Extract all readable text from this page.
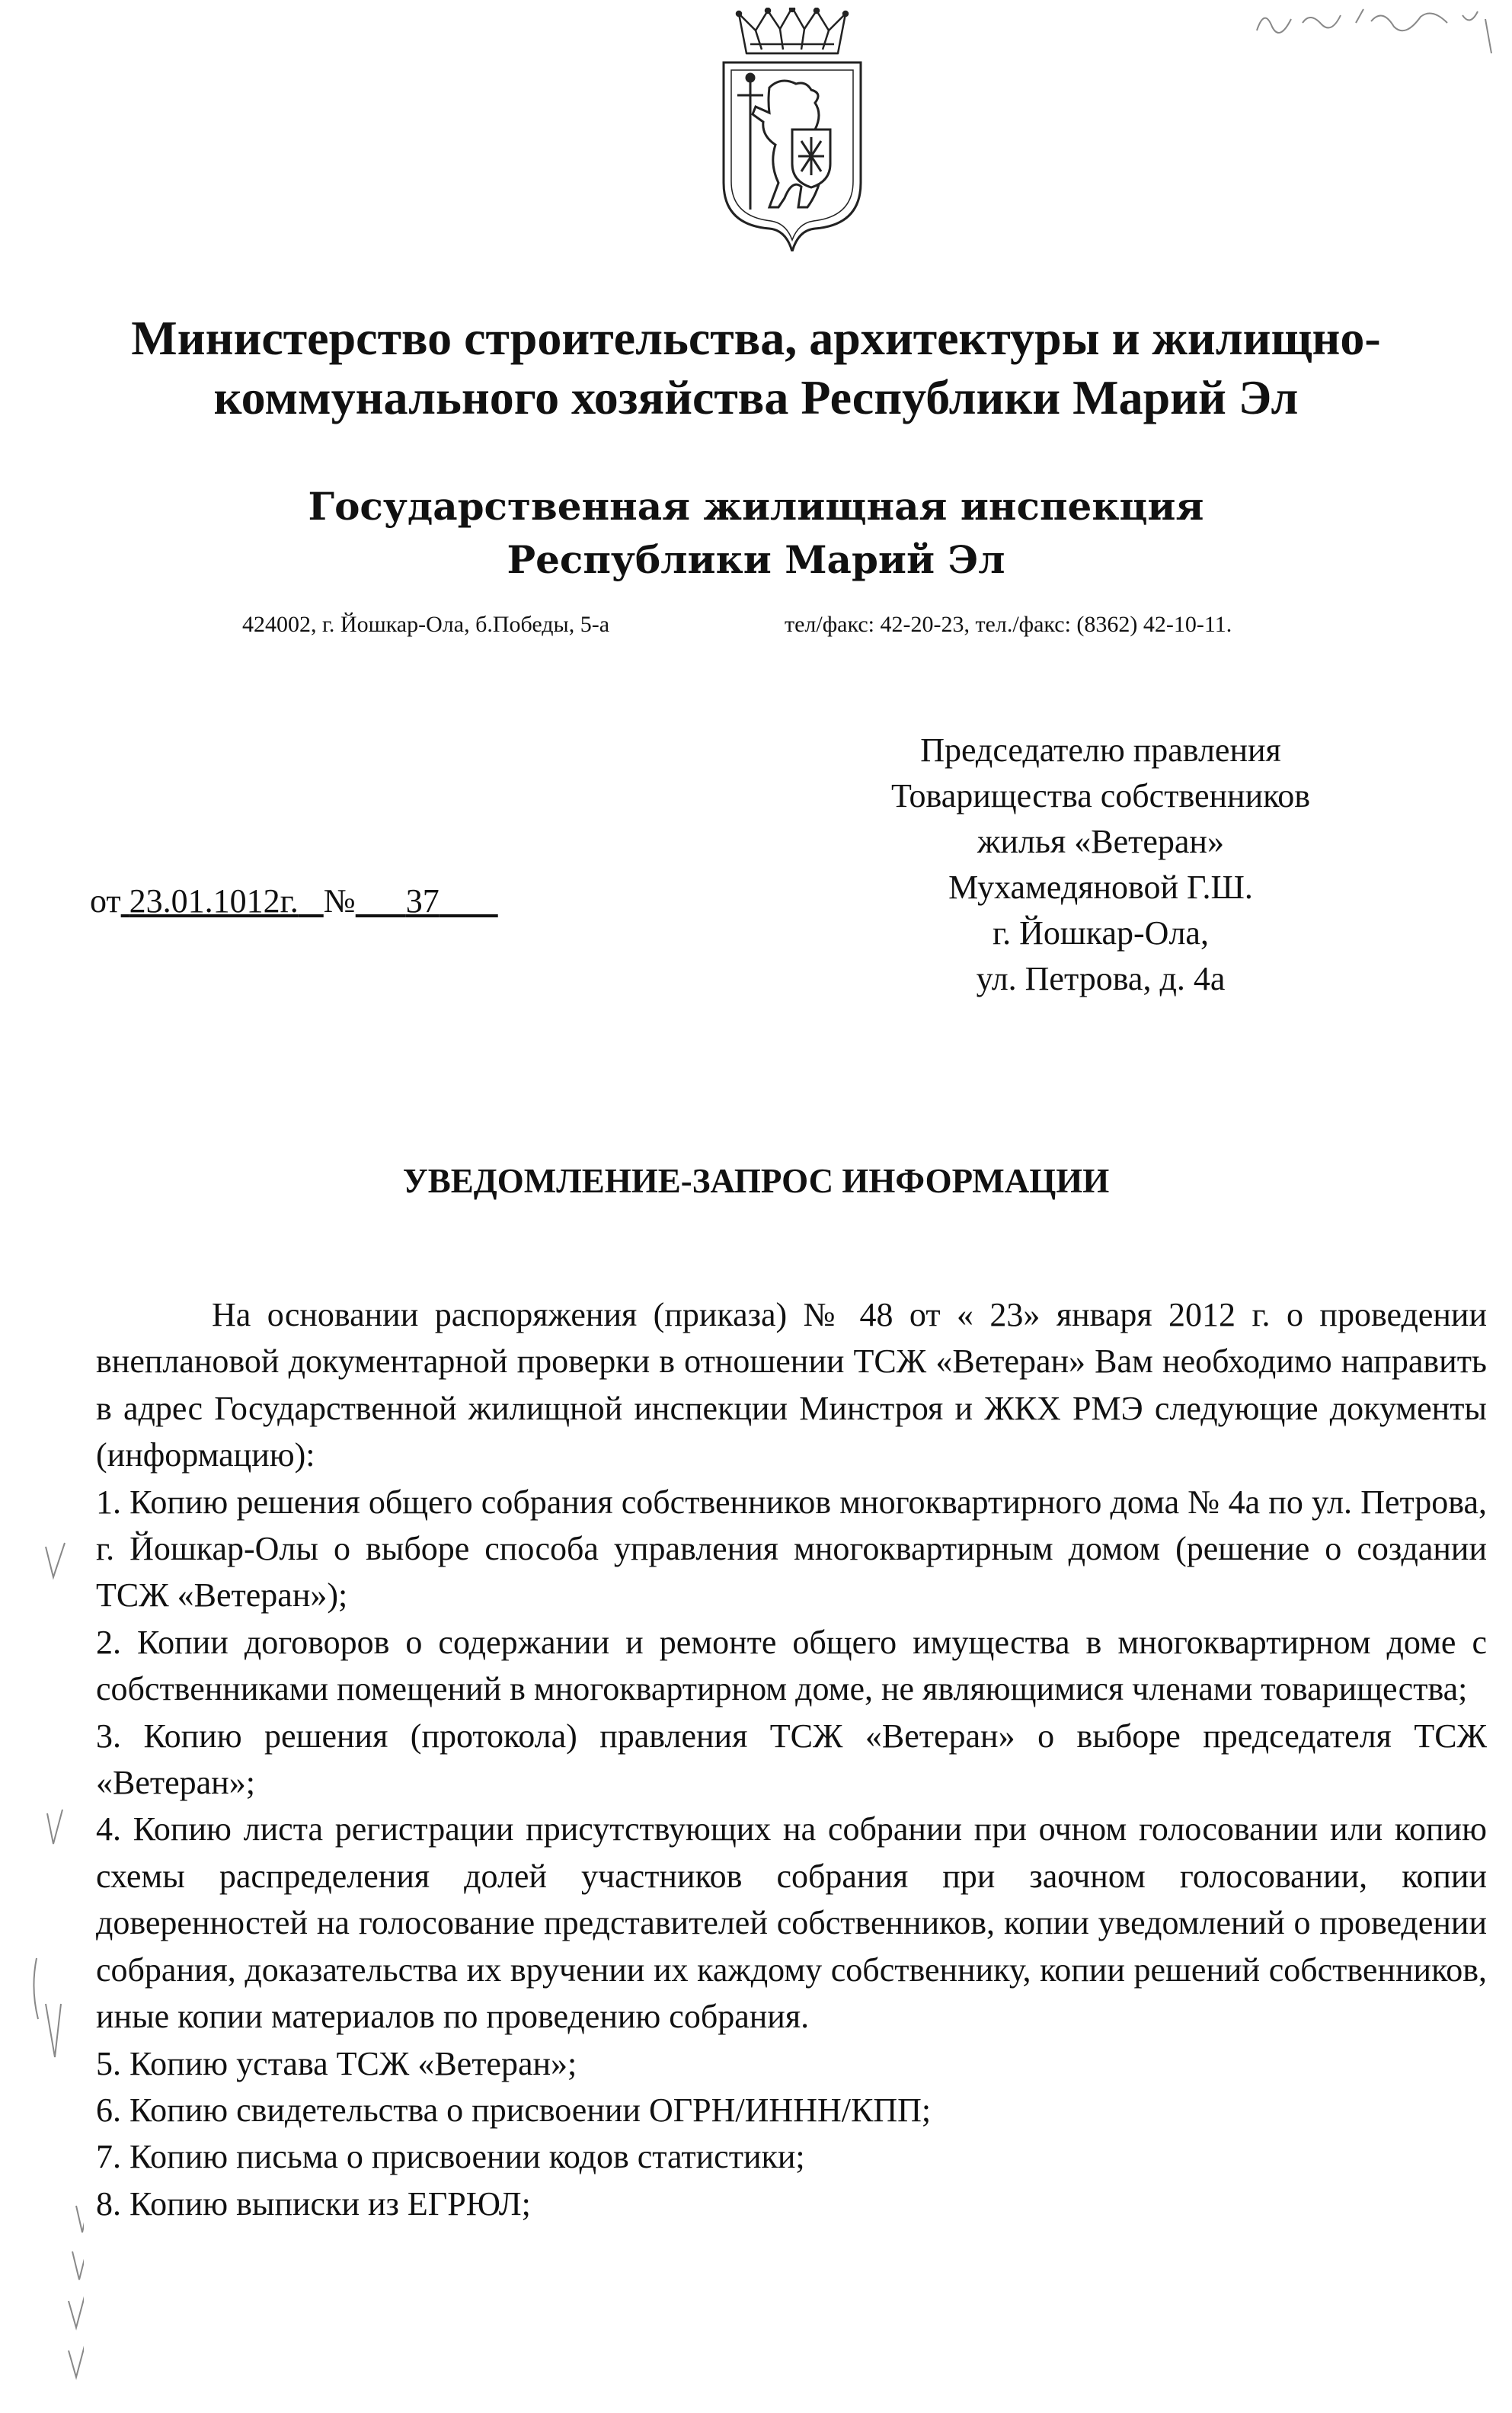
Министерство строительства, архитектуры и жилищно-
коммунального хозяйства Республики Марий Эл
Государственная жилищная инспекция
Республики Марий Эл
424002, г. Йошкар-Ола, б.Победы, 5-а	тел/факс: 42-20-23, тел./факс: (8362) 42-10-11.
Председателю правления
Товарищества собственников
жилья «Ветеран»
Мухамедяновой Г.Ш.
г. Йошкар-Ола,
ул. Петрова, д. 4а
от 23.01.1012г. № 37
УВЕДОМЛЕНИЕ-ЗАПРОС ИНФОРМАЦИИ

На основании распоряжения (приказа) № 48 от « 23» января 2012 г. о проведении внеплановой документарной проверки в отношении ТСЖ «Ветеран» Вам необходимо направить в адрес Государственной жилищной инспекции Минстроя и ЖКХ РМЭ следующие документы (информацию):

1. Копию решения общего собрания собственников многоквартирного дома № 4а по ул. Петрова, г. Йошкар-Олы о выборе способа управления многоквартирным домом (решение о создании ТСЖ «Ветеран»);

2. Копии договоров о содержании и ремонте общего имущества в многоквартирном доме с собственниками помещений в многоквартирном доме, не являющимися членами товарищества;

3. Копию решения (протокола) правления ТСЖ «Ветеран» о выборе председателя ТСЖ «Ветеран»;

4. Копию листа регистрации присутствующих на собрании при очном голосовании или копию схемы распределения долей участников собрания при заочном голосовании, копии доверенностей на голосование представителей собственников, копии уведомлений о проведении собрания, доказательства их вручении их каждому собственнику, копии решений собственников, иные копии материалов по проведению собрания.

5. Копию устава ТСЖ «Ветеран»;

6. Копию свидетельства о присвоении ОГРН/ИННН/КПП;

7. Копию письма о присвоении кодов статистики;

8. Копию выписки из ЕГРЮЛ;
